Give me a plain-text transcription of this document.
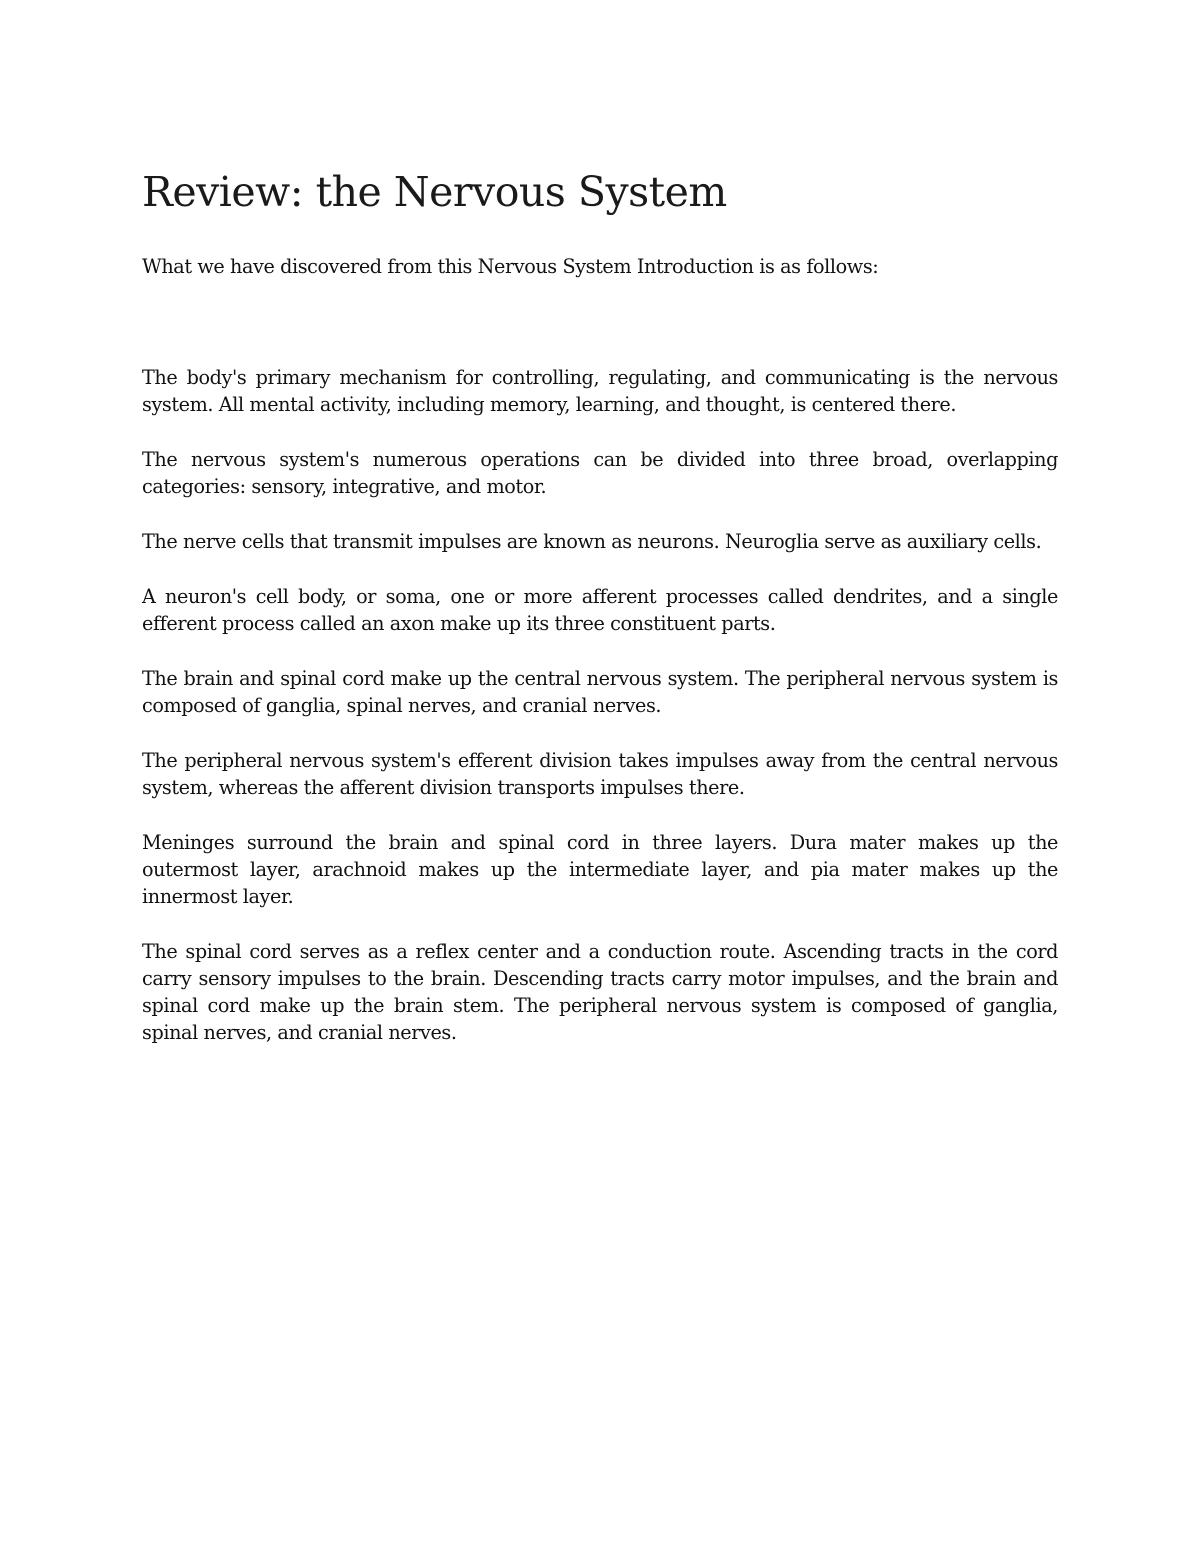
Review: the Nervous System

What we have discovered from this Nervous System Introduction is as follows:

The body's primary mechanism for controlling, regulating, and communicating is the nervous system. All mental activity, including memory, learning, and thought, is centered there.

The nervous system's numerous operations can be divided into three broad, overlapping categories: sensory, integrative, and motor.

The nerve cells that transmit impulses are known as neurons. Neuroglia serve as auxiliary cells.

A neuron's cell body, or soma, one or more afferent processes called dendrites, and a single efferent process called an axon make up its three constituent parts.

The brain and spinal cord make up the central nervous system. The peripheral nervous system is composed of ganglia, spinal nerves, and cranial nerves.

The peripheral nervous system's efferent division takes impulses away from the central nervous system, whereas the afferent division transports impulses there.

Meninges surround the brain and spinal cord in three layers. Dura mater makes up the outermost layer, arachnoid makes up the intermediate layer, and pia mater makes up the innermost layer.

The spinal cord serves as a reflex center and a conduction route. Ascending tracts in the cord carry sensory impulses to the brain. Descending tracts carry motor impulses, and the brain and spinal cord make up the brain stem. The peripheral nervous system is composed of ganglia, spinal nerves, and cranial nerves.
